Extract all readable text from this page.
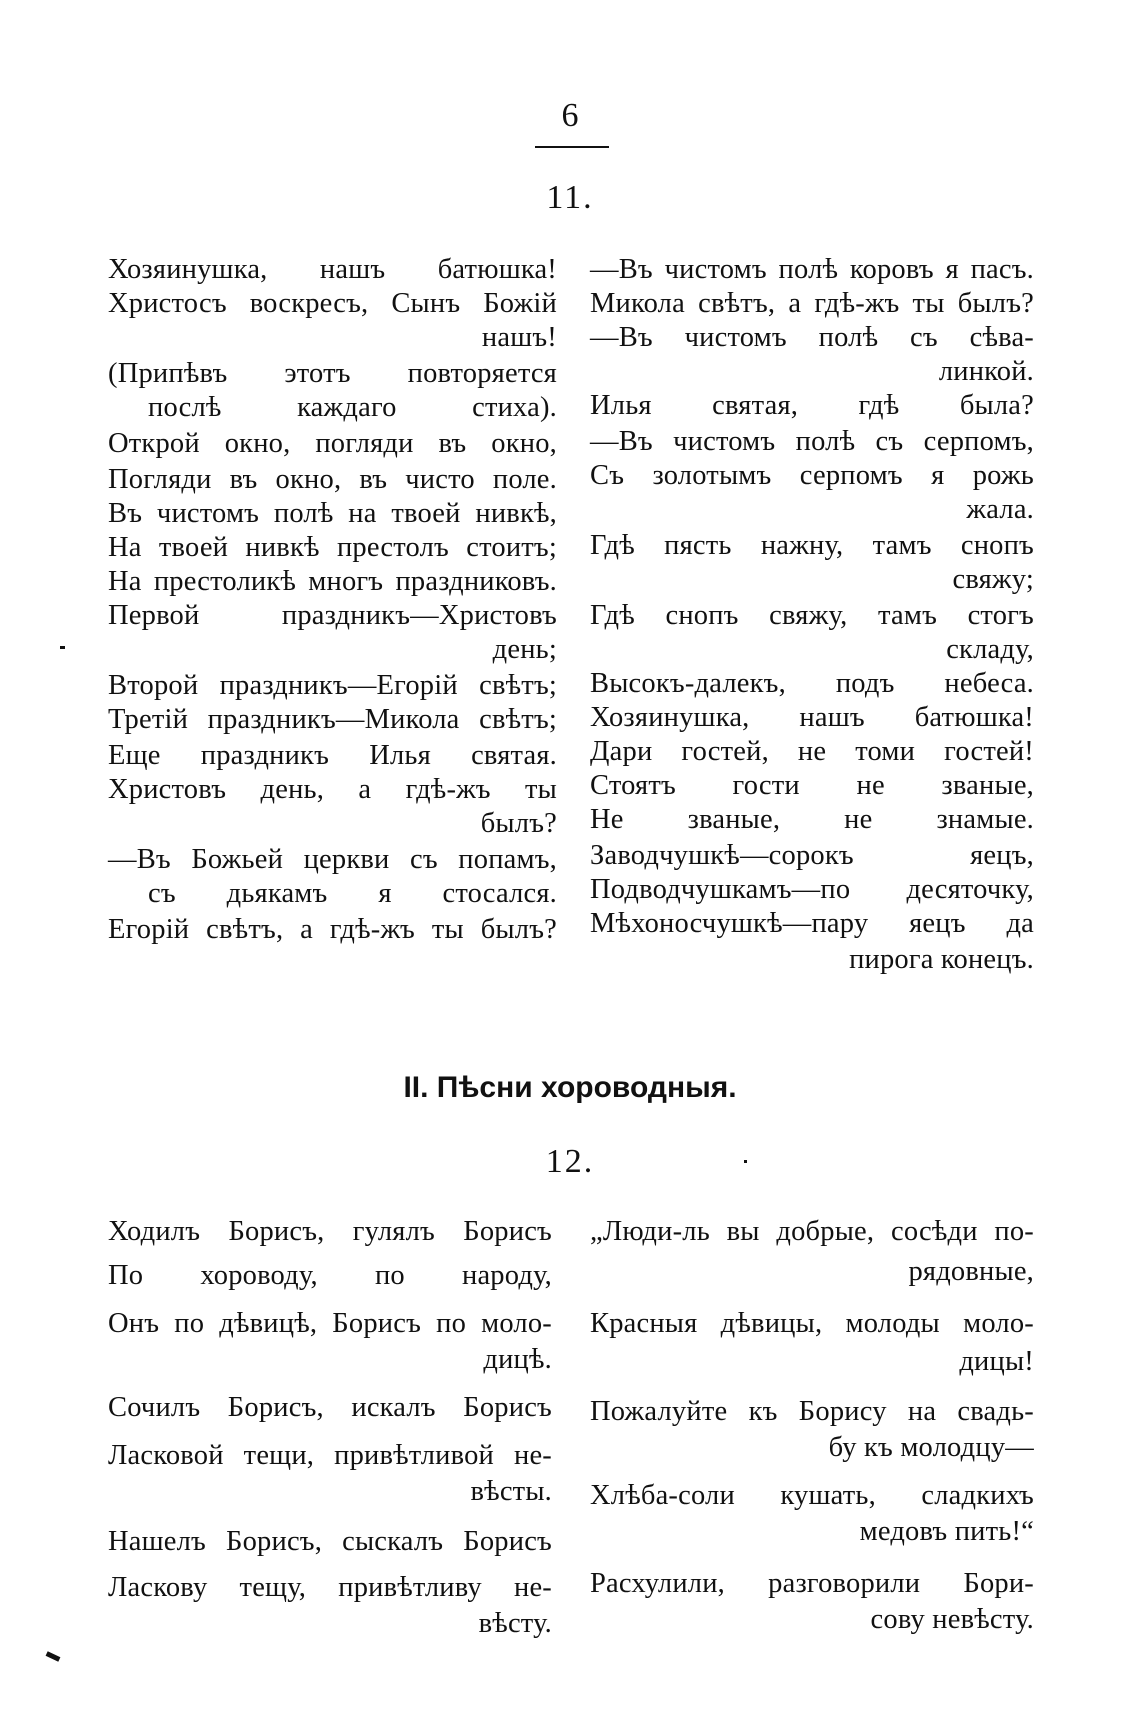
6
11.
Хозяинушка, нашъ батюшка!
Христосъ воскресъ, Сынъ Божій
нашъ!
(Припѣвъ этотъ повторяется
послѣ каждаго стиха).
Открой окно, погляди въ окно,
Погляди въ окно, въ чисто поле.
Въ чистомъ полѣ на твоей нивкѣ,
На твоей нивкѣ престолъ стоитъ;
На престоликѣ многъ праздниковъ.
Первой праздникъ—Христовъ
день;
Второй праздникъ—Егорій свѣтъ;
Третій праздникъ—Микола свѣтъ;
Еще праздникъ Илья святая.
Христовъ день, а гдѣ-жъ ты
былъ?
—Въ Божьей церкви съ попамъ,
съ дьякамъ я стосался.
Егорій свѣтъ, а гдѣ-жъ ты былъ?
—Въ чистомъ полѣ коровъ я пасъ.
Микола свѣтъ, а гдѣ-жъ ты былъ?
—Въ чистомъ полѣ съ сѣва-
линкой.
Илья святая, гдѣ была?
—Въ чистомъ полѣ съ серпомъ,
Съ золотымъ серпомъ я рожь
жала.
Гдѣ пясть нажну, тамъ снопъ
свяжу;
Гдѣ снопъ свяжу, тамъ стогъ
складу,
Высокъ-далекъ, подъ небеса.
Хозяинушка, нашъ батюшка!
Дари гостей, не томи гостей!
Стоятъ гости не званые,
Не званые, не знамые.
Заводчушкѣ—сорокъ яецъ,
Подводчушкамъ—по десяточку,
Мѣхоносчушкѣ—пару яецъ да
пирога конецъ.
II. Пѣсни хороводныя.
12.
Ходилъ Борисъ, гулялъ Борисъ
По хороводу, по народу,
Онъ по дѣвицѣ, Борисъ по моло-
дицѣ.
Сочилъ Борисъ, искалъ Борисъ
Ласковой тещи, привѣтливой не-
вѣсты.
Нашелъ Борисъ, сыскалъ Борисъ
Ласкову тещу, привѣтливу не-
вѣсту.
„Люди-ль вы добрые, сосѣди по-
рядовные,
Красныя дѣвицы, молоды моло-
дицы!
Пожалуйте къ Борису на свадь-
бу къ молодцу—
Хлѣба-соли кушать, сладкихъ
медовъ пить!“
Расхулили, разговорили Бори-
сову невѣсту.
